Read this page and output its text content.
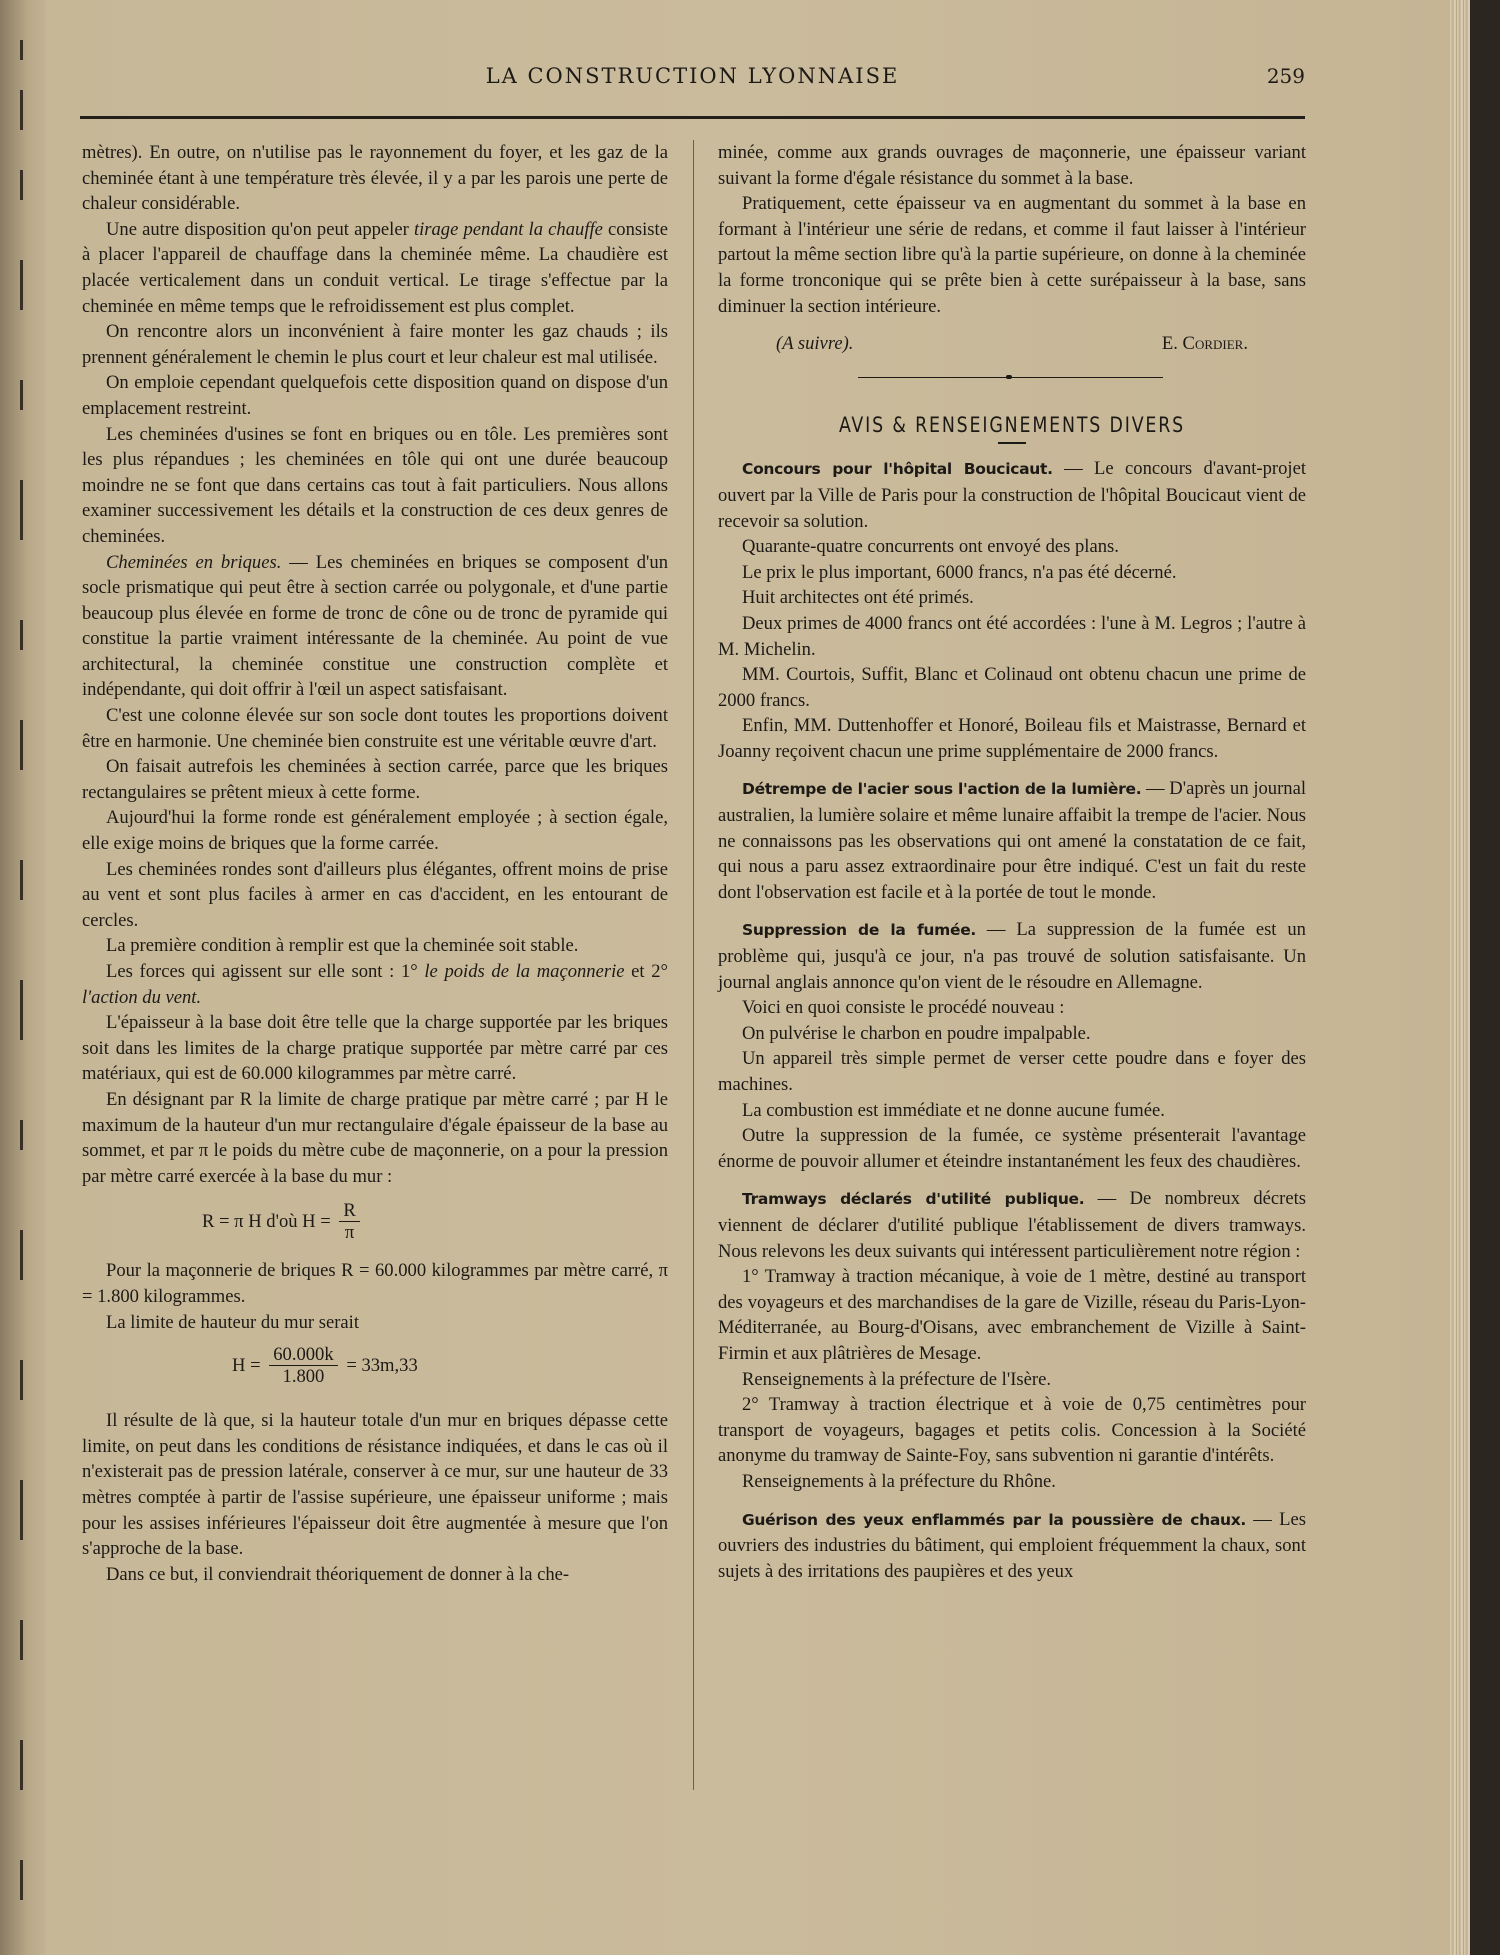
LA CONSTRUCTION LYONNAISE	259

mètres). En outre, on n'utilise pas le rayonnement du foyer, et les gaz de la cheminée étant à une température très élevée, il y a par les parois une perte de chaleur considérable.

Une autre disposition qu'on peut appeler tirage pendant la chauffe consiste à placer l'appareil de chauffage dans la cheminée même. La chaudière est placée verticalement dans un conduit vertical. Le tirage s'effectue par la cheminée en même temps que le refroidissement est plus complet.

On rencontre alors un inconvénient à faire monter les gaz chauds ; ils prennent généralement le chemin le plus court et leur chaleur est mal utilisée.

On emploie cependant quelquefois cette disposition quand on dispose d'un emplacement restreint.

Les cheminées d'usines se font en briques ou en tôle. Les premières sont les plus répandues ; les cheminées en tôle qui ont une durée beaucoup moindre ne se font que dans certains cas tout à fait particuliers. Nous allons examiner successivement les détails et la construction de ces deux genres de cheminées.

Cheminées en briques. — Les cheminées en briques se composent d'un socle prismatique qui peut être à section carrée ou polygonale, et d'une partie beaucoup plus élevée en forme de tronc de cône ou de tronc de pyramide qui constitue la partie vraiment intéressante de la cheminée. Au point de vue architectural, la cheminée constitue une construction complète et indépendante, qui doit offrir à l'œil un aspect satisfaisant.

C'est une colonne élevée sur son socle dont toutes les proportions doivent être en harmonie. Une cheminée bien construite est une véritable œuvre d'art.

On faisait autrefois les cheminées à section carrée, parce que les briques rectangulaires se prêtent mieux à cette forme.

Aujourd'hui la forme ronde est généralement employée ; à section égale, elle exige moins de briques que la forme carrée.

Les cheminées rondes sont d'ailleurs plus élégantes, offrent moins de prise au vent et sont plus faciles à armer en cas d'accident, en les entourant de cercles.

La première condition à remplir est que la cheminée soit stable.

Les forces qui agissent sur elle sont : 1° le poids de la maçonnerie et 2° l'action du vent.

L'épaisseur à la base doit être telle que la charge supportée par les briques soit dans les limites de la charge pratique supportée par mètre carré par ces matériaux, qui est de 60.000 kilogrammes par mètre carré.

En désignant par R la limite de charge pratique par mètre carré ; par H le maximum de la hauteur d'un mur rectangulaire d'égale épaisseur de la base au sommet, et par π le poids du mètre cube de maçonnerie, on a pour la pression par mètre carré exercée à la base du mur :

R = π H d'où $H = \frac{R}{\pi}$

Pour la maçonnerie de briques R = 60.000 kilogrammes par mètre carré, π = 1.800 kilogrammes.

La limite de hauteur du mur serait

$H = \frac{60.000k}{1.800} = 33m,33$

Il résulte de là que, si la hauteur totale d'un mur en briques dépasse cette limite, on peut dans les conditions de résistance indiquées, et dans le cas où il n'existerait pas de pression latérale, conserver à ce mur, sur une hauteur de 33 mètres comptée à partir de l'assise supérieure, une épaisseur uniforme ; mais pour les assises inférieures l'épaisseur doit être augmentée à mesure que l'on s'approche de la base.

Dans ce but, il conviendrait théoriquement de donner à la che-

minée, comme aux grands ouvrages de maçonnerie, une épaisseur variant suivant la forme d'égale résistance du sommet à la base.

Pratiquement, cette épaisseur va en augmentant du sommet à la base en formant à l'intérieur une série de redans, et comme il faut laisser à l'intérieur partout la même section libre qu'à la partie supérieure, on donne à la cheminée la forme tronconique qui se prête bien à cette surépaisseur à la base, sans diminuer la section intérieure.

(A suivre).	E. Cordier.
AVIS & RENSEIGNEMENTS DIVERS

Concours pour l'hôpital Boucicaut. — Le concours d'avant-projet ouvert par la Ville de Paris pour la construction de l'hôpital Boucicaut vient de recevoir sa solution.

Quarante-quatre concurrents ont envoyé des plans.

Le prix le plus important, 6000 francs, n'a pas été décerné.

Huit architectes ont été primés.

Deux primes de 4000 francs ont été accordées : l'une à M. Legros ; l'autre à M. Michelin.

MM. Courtois, Suffit, Blanc et Colinaud ont obtenu chacun une prime de 2000 francs.

Enfin, MM. Duttenhoffer et Honoré, Boileau fils et Maistrasse, Bernard et Joanny reçoivent chacun une prime supplémentaire de 2000 francs.

Détrempe de l'acier sous l'action de la lumière. — D'après un journal australien, la lumière solaire et même lunaire affaibit la trempe de l'acier. Nous ne connaissons pas les observations qui ont amené la constatation de ce fait, qui nous a paru assez extraordinaire pour être indiqué. C'est un fait du reste dont l'observation est facile et à la portée de tout le monde.

Suppression de la fumée. — La suppression de la fumée est un problème qui, jusqu'à ce jour, n'a pas trouvé de solution satisfaisante. Un journal anglais annonce qu'on vient de le résoudre en Allemagne.

Voici en quoi consiste le procédé nouveau :

On pulvérise le charbon en poudre impalpable.

Un appareil très simple permet de verser cette poudre dans e foyer des machines.

La combustion est immédiate et ne donne aucune fumée.

Outre la suppression de la fumée, ce système présenterait l'avantage énorme de pouvoir allumer et éteindre instantanément les feux des chaudières.

Tramways déclarés d'utilité publique. — De nombreux décrets viennent de déclarer d'utilité publique l'établissement de divers tramways. Nous relevons les deux suivants qui intéressent particulièrement notre région :

1° Tramway à traction mécanique, à voie de 1 mètre, destiné au transport des voyageurs et des marchandises de la gare de Vizille, réseau du Paris-Lyon-Méditerranée, au Bourg-d'Oisans, avec embranchement de Vizille à Saint-Firmin et aux plâtrières de Mesage.

Renseignements à la préfecture de l'Isère.

2° Tramway à traction électrique et à voie de 0,75 centimètres pour transport de voyageurs, bagages et petits colis. Concession à la Société anonyme du tramway de Sainte-Foy, sans subvention ni garantie d'intérêts.

Renseignements à la préfecture du Rhône.

Guérison des yeux enflammés par la poussière de chaux. — Les ouvriers des industries du bâtiment, qui emploient fréquemment la chaux, sont sujets à des irritations des paupières et des yeux
